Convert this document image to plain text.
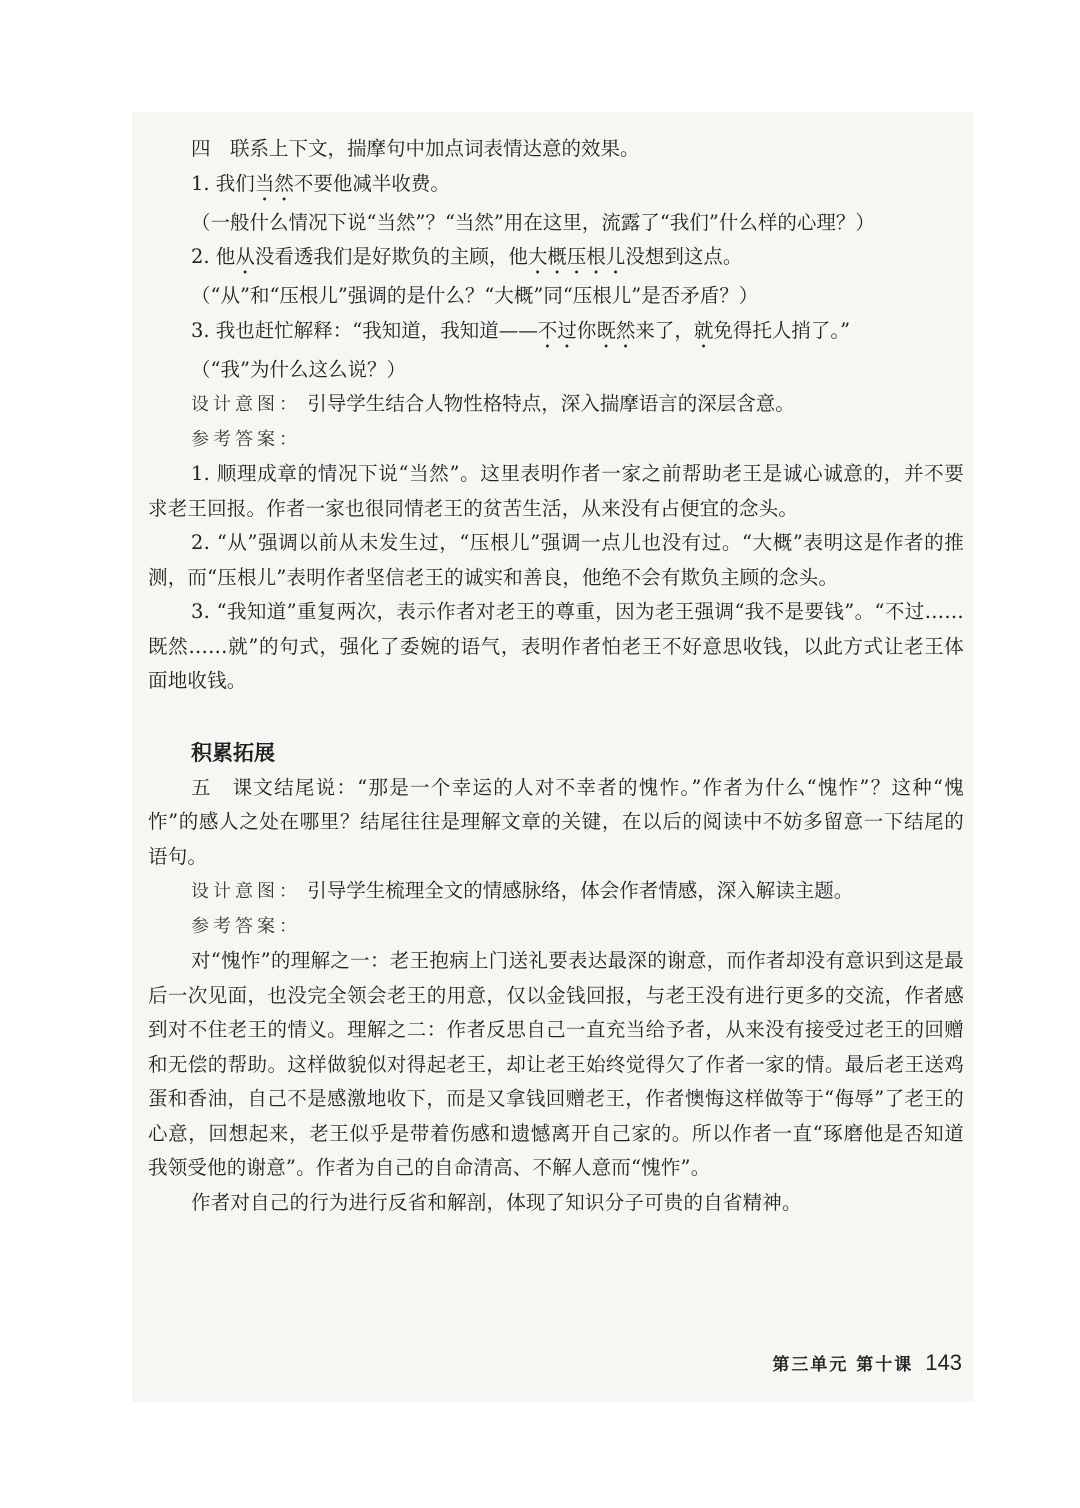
四　联系上下文，揣摩句中加点词表情达意的效果。

1. 我们当然不要他减半收费。

（一般什么情况下说“当然”？“当然”用在这里，流露了“我们”什么样的心理？）

2. 他从没看透我们是好欺负的主顾，他大概压根儿没想到这点。

（“从”和“压根儿”强调的是什么？“大概”同“压根儿”是否矛盾？）

3. 我也赶忙解释：“我知道，我知道——不过你既然来了，就免得托人捎了。”

（“我”为什么这么说？）

设计意图： 引导学生结合人物性格特点，深入揣摩语言的深层含意。

参考答案：

1. 顺理成章的情况下说“当然”。这里表明作者一家之前帮助老王是诚心诚意的，并不要求老王回报。作者一家也很同情老王的贫苦生活，从来没有占便宜的念头。

2. “从”强调以前从未发生过，“压根儿”强调一点儿也没有过。“大概”表明这是作者的推测，而“压根儿”表明作者坚信老王的诚实和善良，他绝不会有欺负主顾的念头。

3. “我知道”重复两次，表示作者对老王的尊重，因为老王强调“我不是要钱”。“不过……既然……就”的句式，强化了委婉的语气，表明作者怕老王不好意思收钱，以此方式让老王体面地收钱。

积累拓展

五　课文结尾说：“那是一个幸运的人对不幸者的愧怍。”作者为什么“愧怍”？这种“愧怍”的感人之处在哪里？结尾往往是理解文章的关键，在以后的阅读中不妨多留意一下结尾的语句。

设计意图： 引导学生梳理全文的情感脉络，体会作者情感，深入解读主题。

参考答案：

对“愧怍”的理解之一：老王抱病上门送礼要表达最深的谢意，而作者却没有意识到这是最后一次见面，也没完全领会老王的用意，仅以金钱回报，与老王没有进行更多的交流，作者感到对不住老王的情义。理解之二：作者反思自己一直充当给予者，从来没有接受过老王的回赠和无偿的帮助。这样做貌似对得起老王，却让老王始终觉得欠了作者一家的情。最后老王送鸡蛋和香油，自己不是感激地收下，而是又拿钱回赠老王，作者懊悔这样做等于“侮辱”了老王的心意，回想起来，老王似乎是带着伤感和遗憾离开自己家的。所以作者一直“琢磨他是否知道我领受他的谢意”。作者为自己的自命清高、不解人意而“愧怍”。

作者对自己的行为进行反省和解剖，体现了知识分子可贵的自省精神。

第三单元 第十课 143
